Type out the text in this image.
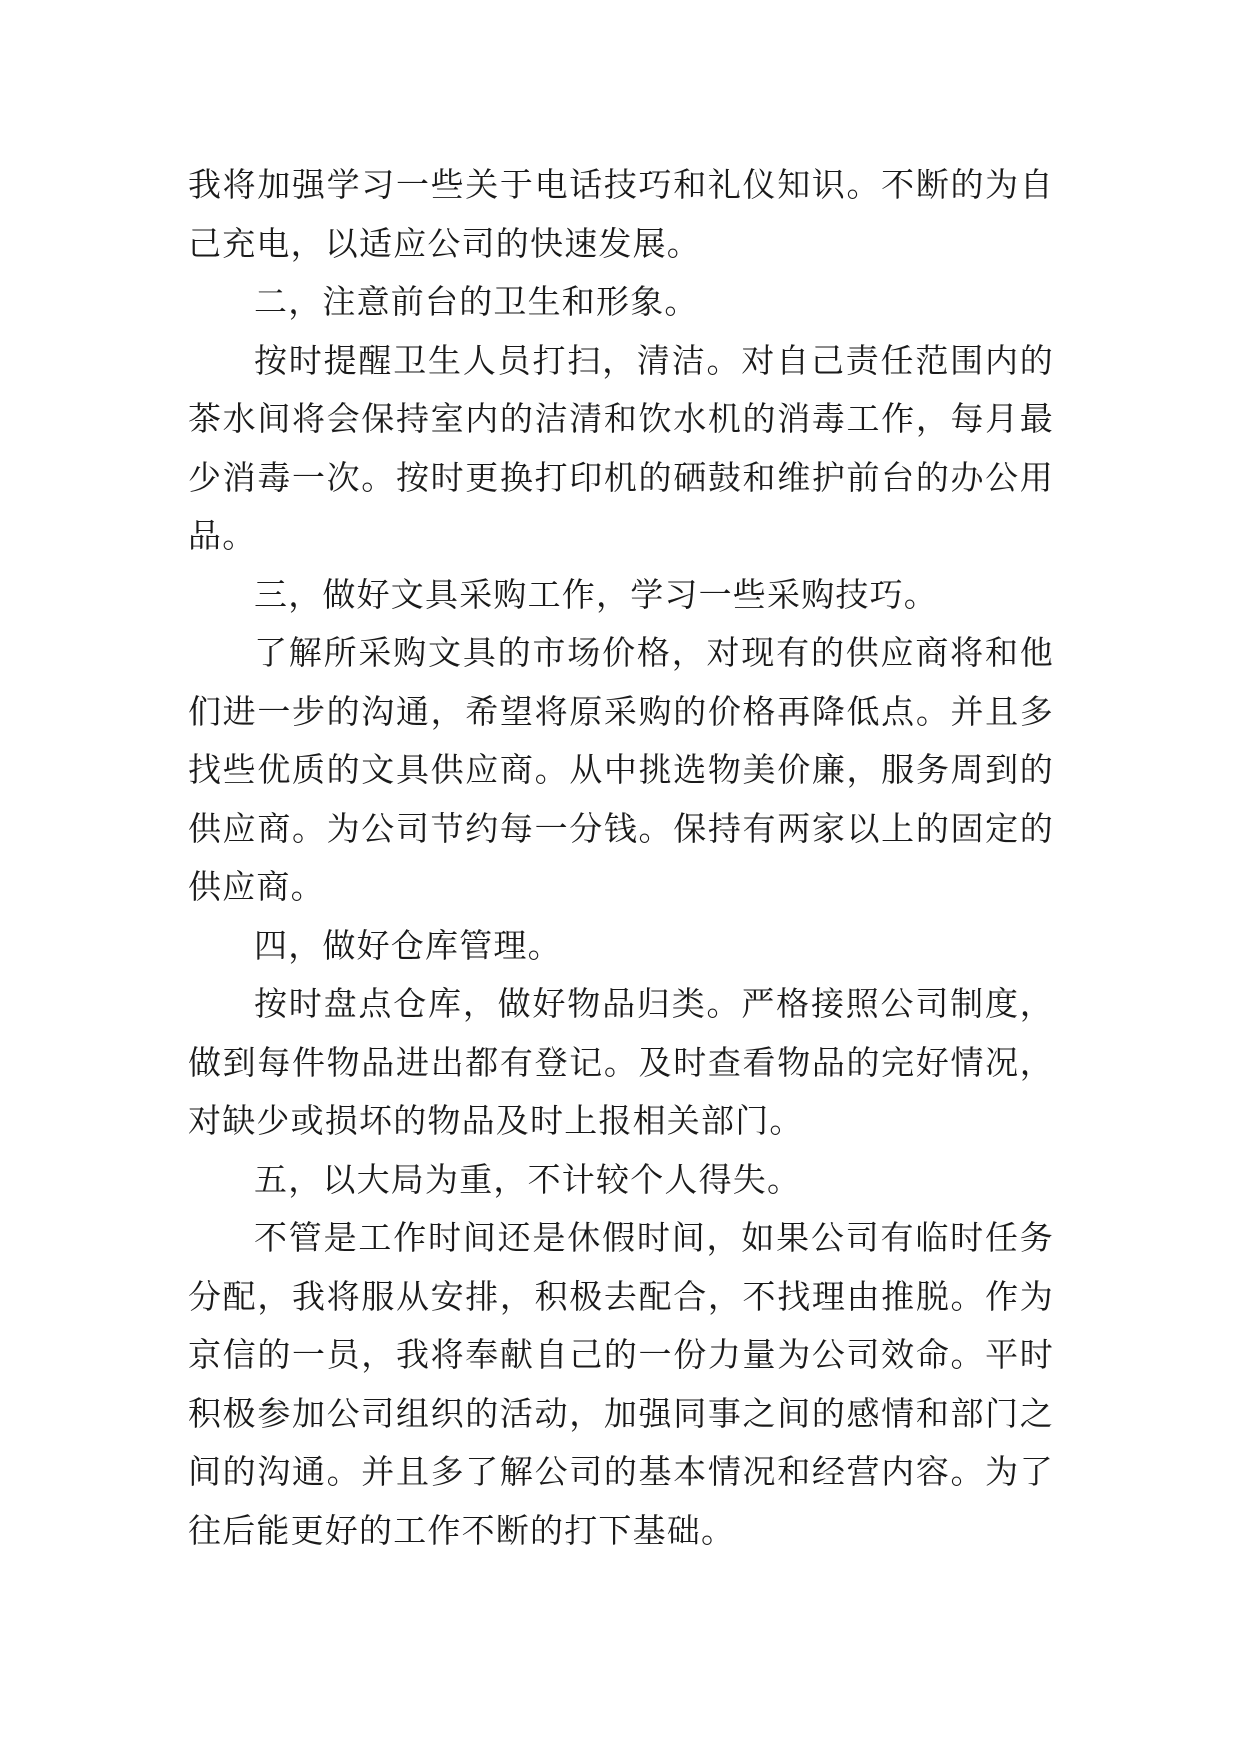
我将加强学习一些关于电话技巧和礼仪知识。不断的为自己充电，以适应公司的快速发展。

二，注意前台的卫生和形象。

按时提醒卫生人员打扫，清洁。对自己责任范围内的茶水间将会保持室内的洁清和饮水机的消毒工作，每月最少消毒一次。按时更换打印机的硒鼓和维护前台的办公用品。

三，做好文具采购工作，学习一些采购技巧。

了解所采购文具的市场价格，对现有的供应商将和他们进一步的沟通，希望将原采购的价格再降低点。并且多找些优质的文具供应商。从中挑选物美价廉，服务周到的供应商。为公司节约每一分钱。保持有两家以上的固定的供应商。

四，做好仓库管理。

按时盘点仓库，做好物品归类。严格接照公司制度，做到每件物品进出都有登记。及时查看物品的完好情况，对缺少或损坏的物品及时上报相关部门。

五，以大局为重，不计较个人得失。

不管是工作时间还是休假时间，如果公司有临时任务分配，我将服从安排，积极去配合，不找理由推脱。作为京信的一员，我将奉献自己的一份力量为公司效命。平时积极参加公司组织的活动，加强同事之间的感情和部门之间的沟通。并且多了解公司的基本情况和经营内容。为了往后能更好的工作不断的打下基础。
